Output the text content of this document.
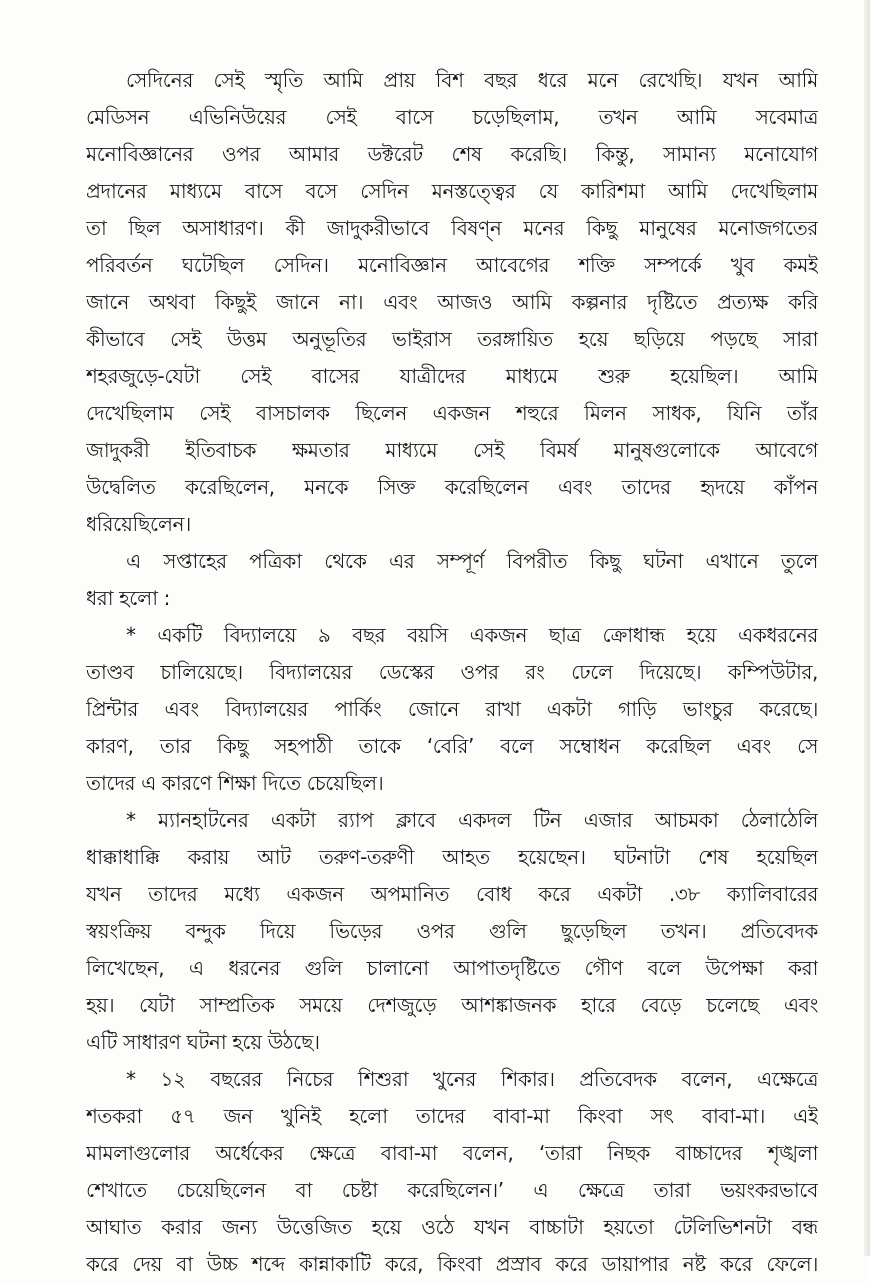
সেদিনের সেই স্মৃতি আমি প্রায় বিশ বছর ধরে মনে রেখেছি। যখন আমি
মেডিসন এভিনিউয়ের সেই বাসে চড়েছিলাম, তখন আমি সবেমাত্র
মনোবিজ্ঞানের ওপর আমার ডক্টরেট শেষ করেছি। কিন্তু, সামান্য মনোযোগ
প্রদানের মাধ্যমে বাসে বসে সেদিন মনস্তত্ত্বের যে কারিশমা আমি দেখেছিলাম
তা ছিল অসাধারণ। কী জাদুকরীভাবে বিষণ্ন মনের কিছু মানুষের মনোজগতের
পরিবর্তন ঘটেছিল সেদিন। মনোবিজ্ঞান আবেগের শক্তি সম্পর্কে খুব কমই
জানে অথবা কিছুই জানে না। এবং আজও আমি কল্পনার দৃষ্টিতে প্রত্যক্ষ করি
কীভাবে সেই উত্তম অনুভূতির ভাইরাস তরঙ্গায়িত হয়ে ছড়িয়ে পড়ছে সারা
শহরজুড়ে-যেটা সেই বাসের যাত্রীদের মাধ্যমে শুরু হয়েছিল। আমি
দেখেছিলাম সেই বাসচালক ছিলেন একজন শহুরে মিলন সাধক, যিনি তাঁর
জাদুকরী ইতিবাচক ক্ষমতার মাধ্যমে সেই বিমর্ষ মানুষগুলোকে আবেগে
উদ্বেলিত করেছিলেন, মনকে সিক্ত করেছিলেন এবং তাদের হৃদয়ে কাঁপন
ধরিয়েছিলেন।
এ সপ্তাহের পত্রিকা থেকে এর সম্পূর্ণ বিপরীত কিছু ঘটনা এখানে তুলে
ধরা হলো :
* একটি বিদ্যালয়ে ৯ বছর বয়সি একজন ছাত্র ক্রোধান্ধ হয়ে একধরনের
তাণ্ডব চালিয়েছে। বিদ্যালয়ের ডেস্কের ওপর রং ঢেলে দিয়েছে। কম্পিউটার,
প্রিন্টার এবং বিদ্যালয়ের পার্কিং জোনে রাখা একটা গাড়ি ভাংচুর করেছে।
কারণ, তার কিছু সহপাঠী তাকে ‘বেরি’ বলে সম্বোধন করেছিল এবং সে
তাদের এ কারণে শিক্ষা দিতে চেয়েছিল।
* ম্যানহাটনের একটা র‍্যাপ ক্লাবে একদল টিন এজার আচমকা ঠেলাঠেলি
ধাক্কাধাক্কি করায় আট তরুণ-তরুণী আহত হয়েছেন। ঘটনাটা শেষ হয়েছিল
যখন তাদের মধ্যে একজন অপমানিত বোধ করে একটা .৩৮ ক্যালিবারের
স্বয়ংক্রিয় বন্দুক দিয়ে ভিড়ের ওপর গুলি ছুড়েছিল তখন। প্রতিবেদক
লিখেছেন, এ ধরনের গুলি চালানো আপাতদৃষ্টিতে গৌণ বলে উপেক্ষা করা
হয়। যেটা সাম্প্রতিক সময়ে দেশজুড়ে আশঙ্কাজনক হারে বেড়ে চলেছে এবং
এটি সাধারণ ঘটনা হয়ে উঠছে।
* ১২ বছরের নিচের শিশুরা খুনের শিকার। প্রতিবেদক বলেন, এক্ষেত্রে
শতকরা ৫৭ জন খুনিই হলো তাদের বাবা-মা কিংবা সৎ বাবা-মা। এই
মামলাগুলোর অর্ধেকের ক্ষেত্রে বাবা-মা বলেন, ‘তারা নিছক বাচ্চাদের শৃঙ্খলা
শেখাতে চেয়েছিলেন বা চেষ্টা করেছিলেন।’ এ ক্ষেত্রে তারা ভয়ংকরভাবে
আঘাত করার জন্য উত্তেজিত হয়ে ওঠে যখন বাচ্চাটা হয়তো টেলিভিশনটা বন্ধ
করে দেয় বা উচ্চ শব্দে কান্নাকাটি করে, কিংবা প্রস্রাব করে ডায়াপার নষ্ট করে ফেলে।
